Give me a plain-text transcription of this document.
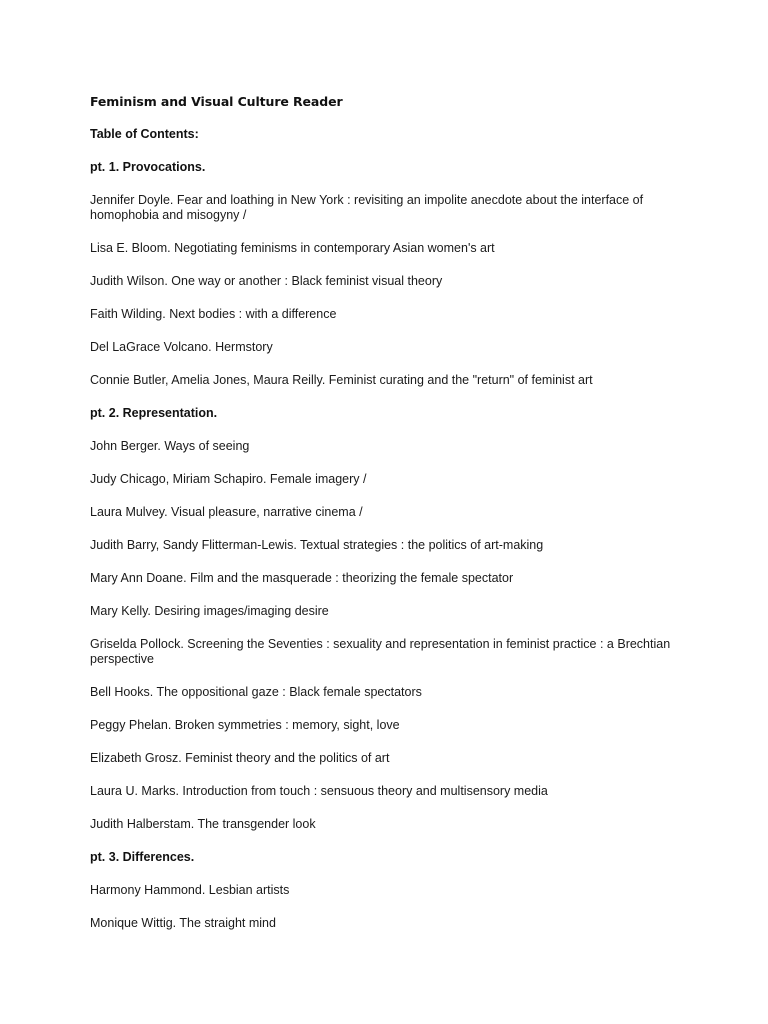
Feminism and Visual Culture Reader
Table of Contents:
pt. 1. Provocations.
Jennifer Doyle. Fear and loathing in New York : revisiting an impolite anecdote about the interface of homophobia and misogyny /
Lisa E. Bloom. Negotiating feminisms in contemporary Asian women's art
Judith Wilson. One way or another : Black feminist visual theory
Faith Wilding. Next bodies : with a difference
Del LaGrace Volcano. Hermstory
Connie Butler, Amelia Jones, Maura Reilly. Feminist curating and the "return" of feminist art
pt. 2. Representation.
John Berger. Ways of seeing
Judy Chicago, Miriam Schapiro. Female imagery /
Laura Mulvey. Visual pleasure, narrative cinema /
Judith Barry, Sandy Flitterman-Lewis. Textual strategies : the politics of art-making
Mary Ann Doane. Film and the masquerade : theorizing the female spectator
Mary Kelly. Desiring images/imaging desire
Griselda Pollock. Screening the Seventies : sexuality and representation in feminist practice : a Brechtian perspective
Bell Hooks. The oppositional gaze : Black female spectators
Peggy Phelan. Broken symmetries : memory, sight, love
Elizabeth Grosz. Feminist theory and the politics of art
Laura U. Marks. Introduction from touch : sensuous theory and multisensory media
Judith Halberstam. The transgender look
pt. 3. Differences.
Harmony Hammond. Lesbian artists
Monique Wittig. The straight mind
